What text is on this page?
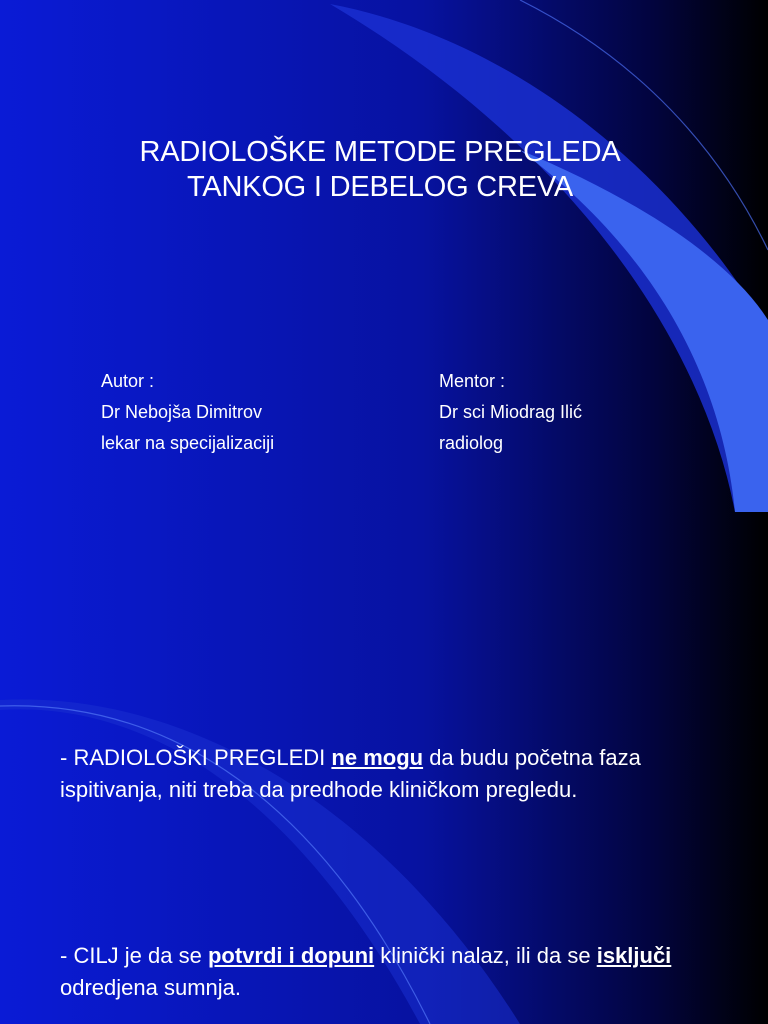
RADIOLOŠKE METODE PREGLEDA
TANKOG I DEBELOG CREVA
Autor :
Dr Nebojša Dimitrov
lekar na specijalizaciji
Mentor :
Dr sci Miodrag Ilić
radiolog
- RADIOLOŠKI PREGLEDI ne mogu da budu početna faza ispitivanja, niti treba da predhode kliničkom pregledu.
- CILJ je da se potvrdi i dopuni klinički nalaz, ili da se isključi odredjena sumnja.
